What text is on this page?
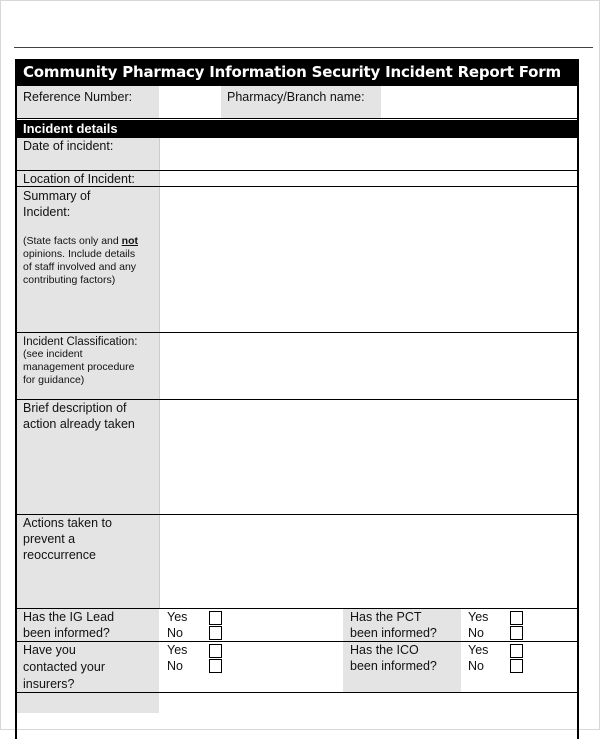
Community Pharmacy Information Security Incident Report Form
Reference Number:	Pharmacy/Branch name:
Incident details
Date of incident:
Location of Incident:
Summary of
Incident:
(State facts only and not
opinions. Include details
of staff involved and any
contributing factors)
Incident Classification:
(see incident
management procedure
for guidance)
Brief description of
action already taken
Actions taken to
prevent a
reoccurrence
Has the IG Lead
been informed?
Yes
No
Has the PCT
been informed?
Yes
No
Have you
contacted your
insurers?
Yes
No
Has the ICO
been informed?
Yes
No
